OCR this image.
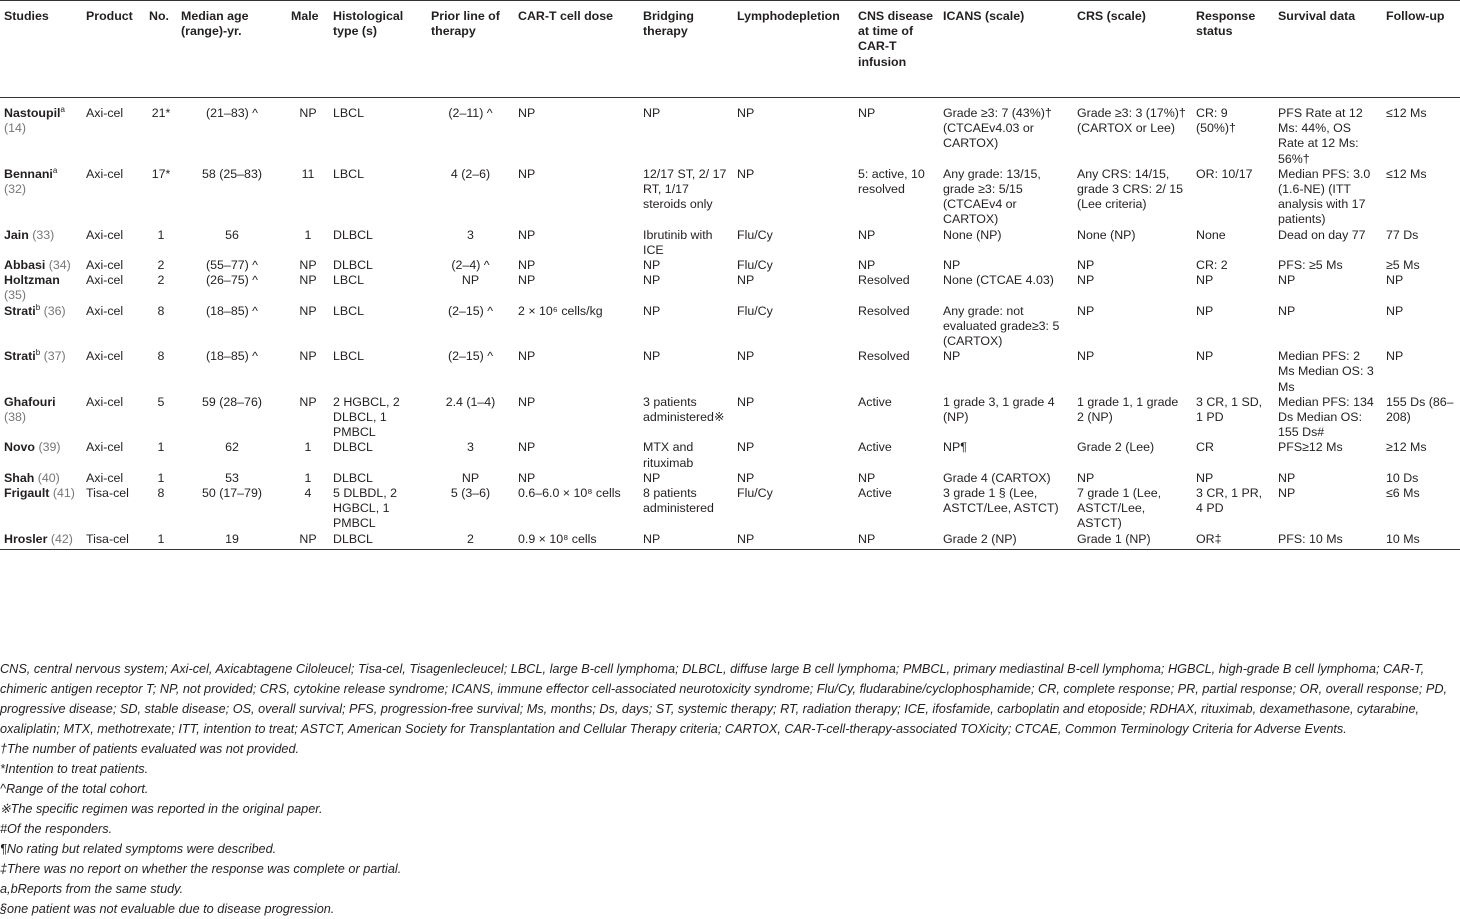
Studies	Product	No.	Median age (range)-yr.	Male	Histological type (s)	Prior line of therapy	CAR-T cell dose	Bridging therapy	Lymphodepletion	CNS disease at time of CAR-T infusion	ICANS (scale)	CRS (scale)	Response status	Survival data	Follow-up
Nastoupil$^a$ (14)	Axi-cel	21*	(21–83) ^	NP	LBCL	(2–11) ^	NP	NP	NP	NP	Grade ≥3: 7 (43%)† (CTCAEv4.03 or CARTOX)	Grade ≥3: 3 (17%)† (CARTOX or Lee)	CR: 9 (50%)†	PFS Rate at 12 Ms: 44%, OS Rate at 12 Ms: 56%†	≤12 Ms
Bennani$^a$ (32)	Axi-cel	17*	58 (25–83)	11	LBCL	4 (2–6)	NP	12/17 ST, 2/ 17 RT, 1/17 steroids only	NP	5: active, 10 resolved	Any grade: 13/15, grade ≥3: 5/15 (CTCAEv4 or CARTOX)	Any CRS: 14/15, grade 3 CRS: 2/ 15 (Lee criteria)	OR: 10/17	Median PFS: 3.0 (1.6-NE) (ITT analysis with 17 patients)	≤12 Ms
Jain (33)	Axi-cel	1	56	1	DLBCL	3	NP	Ibrutinib with ICE	Flu/Cy	NP	None (NP)	None (NP)	None	Dead on day 77	77 Ds
Abbasi (34)	Axi-cel	2	(55–77) ^	NP	DLBCL	(2–4) ^	NP	NP	Flu/Cy	NP	NP	NP	CR: 2	PFS: ≥5 Ms	≥5 Ms
Holtzman (35)	Axi-cel	2	(26–75) ^	NP	LBCL	NP	NP	NP	NP	Resolved	None (CTCAE 4.03)	NP	NP	NP	NP
Strati$^b$ (36)	Axi-cel	8	(18–85) ^	NP	LBCL	(2–15) ^	2 × 10⁶ cells/kg	NP	Flu/Cy	Resolved	Any grade: not evaluated grade≥3: 5 (CARTOX)	NP	NP	NP	NP
Strati$^b$ (37)	Axi-cel	8	(18–85) ^	NP	LBCL	(2–15) ^	NP	NP	NP	Resolved	NP	NP	NP	Median PFS: 2 Ms Median OS: 3 Ms	NP
Ghafouri (38)	Axi-cel	5	59 (28–76)	NP	2 HGBCL, 2 DLBCL, 1 PMBCL	2.4 (1–4)	NP	3 patients administered※	NP	Active	1 grade 3, 1 grade 4 (NP)	1 grade 1, 1 grade 2 (NP)	3 CR, 1 SD, 1 PD	Median PFS: 134 Ds Median OS: 155 Ds#	155 Ds (86–208)
Novo (39)	Axi-cel	1	62	1	DLBCL	3	NP	MTX and rituximab	NP	Active	NP¶	Grade 2 (Lee)	CR	PFS≥12 Ms	≥12 Ms
Shah (40)	Axi-cel	1	53	1	DLBCL	NP	NP	NP	NP	NP	Grade 4 (CARTOX)	NP	NP	NP	10 Ds
Frigault (41)	Tisa-cel	8	50 (17–79)	4	5 DLBDL, 2 HGBCL, 1 PMBCL	5 (3–6)	0.6–6.0 × 10⁸ cells	8 patients administered	Flu/Cy	Active	3 grade 1 § (Lee, ASTCT/Lee, ASTCT)	7 grade 1 (Lee, ASTCT/Lee, ASTCT)	3 CR, 1 PR, 4 PD	NP	≤6 Ms
Hrosler (42)	Tisa-cel	1	19	NP	DLBCL	2	0.9 × 10⁸ cells	NP	NP	NP	Grade 2 (NP)	Grade 1 (NP)	OR‡	PFS: 10 Ms	10 Ms

CNS, central nervous system; Axi-cel, Axicabtagene Ciloleucel; Tisa-cel, Tisagenlecleucel; LBCL, large B-cell lymphoma; DLBCL, diffuse large B cell lymphoma; PMBCL, primary mediastinal B-cell lymphoma; HGBCL, high-grade B cell lymphoma; CAR-T, chimeric antigen receptor T; NP, not provided; CRS, cytokine release syndrome; ICANS, immune effector cell-associated neurotoxicity syndrome; Flu/Cy, fludarabine/cyclophosphamide; CR, complete response; PR, partial response; OR, overall response; PD, progressive disease; SD, stable disease; OS, overall survival; PFS, progression-free survival; Ms, months; Ds, days; ST, systemic therapy; RT, radiation therapy; ICE, ifosfamide, carboplatin and etoposide; RDHAX, rituximab, dexamethasone, cytarabine, oxaliplatin; MTX, methotrexate; ITT, intention to treat; ASTCT, American Society for Transplantation and Cellular Therapy criteria; CARTOX, CAR-T-cell-therapy-associated TOXicity; CTCAE, Common Terminology Criteria for Adverse Events.

†The number of patients evaluated was not provided.

*Intention to treat patients.

^Range of the total cohort.

※The specific regimen was reported in the original paper.

#Of the responders.

¶No rating but related symptoms were described.

‡There was no report on whether the response was complete or partial.

a,bReports from the same study.

§one patient was not evaluable due to disease progression.
